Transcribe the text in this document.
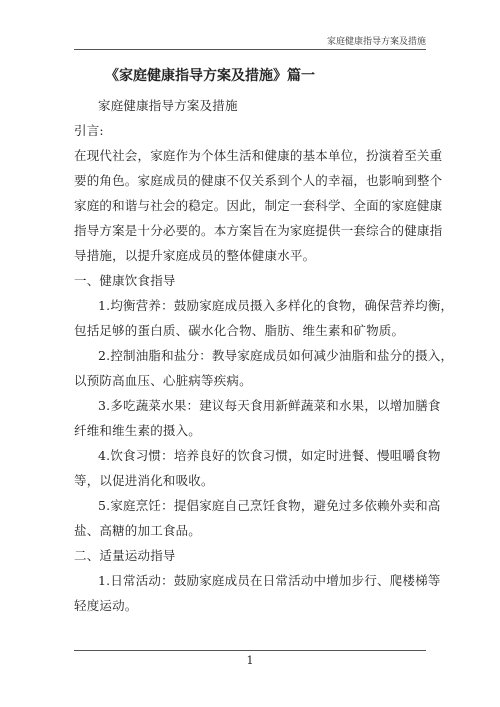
家庭健康指导方案及措施
《家庭健康指导方案及措施》篇一
家庭健康指导方案及措施
引言:
在现代社会，家庭作为个体生活和健康的基本单位，扮演着至关重
要的角色。家庭成员的健康不仅关系到个人的幸福，也影响到整个
家庭的和谐与社会的稳定。因此，制定一套科学、全面的家庭健康
指导方案是十分必要的。本方案旨在为家庭提供一套综合的健康指
导措施，以提升家庭成员的整体健康水平。
一、健康饮食指导
1.均衡营养：鼓励家庭成员摄入多样化的食物，确保营养均衡，
包括足够的蛋白质、碳水化合物、脂肪、维生素和矿物质。
2.控制油脂和盐分：教导家庭成员如何减少油脂和盐分的摄入，
以预防高血压、心脏病等疾病。
3.多吃蔬菜水果：建议每天食用新鲜蔬菜和水果，以增加膳食
纤维和维生素的摄入。
4.饮食习惯：培养良好的饮食习惯，如定时进餐、慢咀嚼食物
等，以促进消化和吸收。
5.家庭烹饪：提倡家庭自己烹饪食物，避免过多依赖外卖和高
盐、高糖的加工食品。
二、适量运动指导
1.日常活动：鼓励家庭成员在日常活动中增加步行、爬楼梯等
轻度运动。
1
